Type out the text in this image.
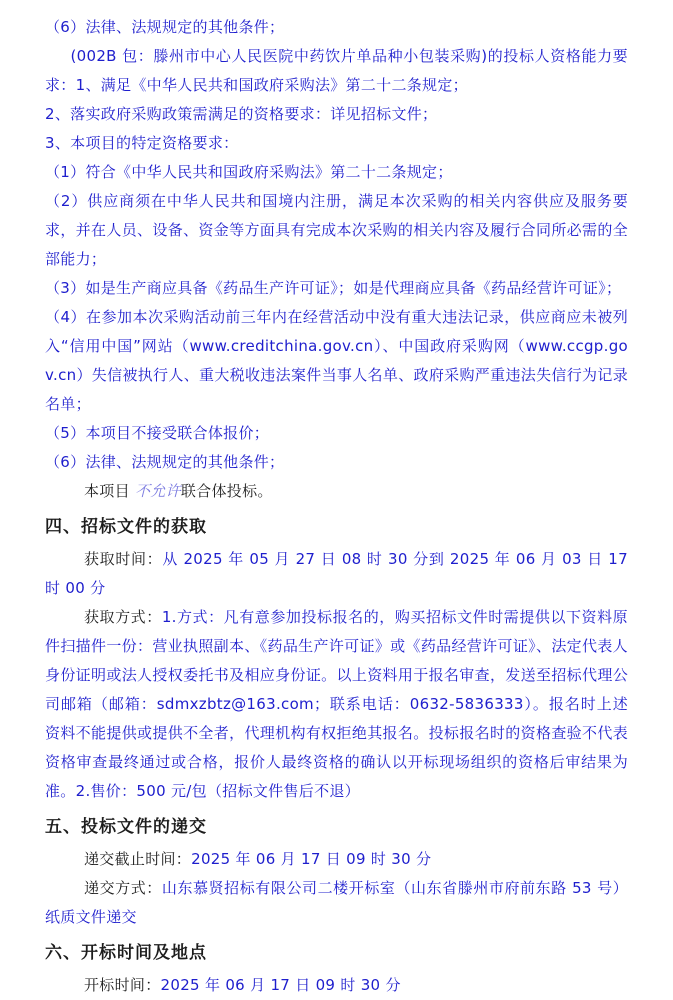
（6）法律、法规规定的其他条件；

(002B 包：滕州市中心人民医院中药饮片单品种小包装采购)的投标人资格能力要求：1、满足《中华人民共和国政府采购法》第二十二条规定；

2、落实政府采购政策需满足的资格要求：详见招标文件；

3、本项目的特定资格要求：

（1）符合《中华人民共和国政府采购法》第二十二条规定；

（2）供应商须在中华人民共和国境内注册，满足本次采购的相关内容供应及服务要求，并在人员、设备、资金等方面具有完成本次采购的相关内容及履行合同所必需的全部能力；

（3）如是生产商应具备《药品生产许可证》；如是代理商应具备《药品经营许可证》；

（4）在参加本次采购活动前三年内在经营活动中没有重大违法记录，供应商应未被列入“信用中国”网站（www.creditchina.gov.cn）、中国政府采购网（www.ccgp.gov.cn）失信被执行人、重大税收违法案件当事人名单、政府采购严重违法失信行为记录名单；

（5）本项目不接受联合体报价；

（6）法律、法规规定的其他条件；

本项目 不允许联合体投标。

四、招标文件的获取

获取时间：从 2025 年 05 月 27 日 08 时 30 分到 2025 年 06 月 03 日 17 时 00 分

获取方式：1.方式：凡有意参加投标报名的，购买招标文件时需提供以下资料原件扫描件一份：营业执照副本、《药品生产许可证》或《药品经营许可证》、法定代表人身份证明或法人授权委托书及相应身份证。以上资料用于报名审查，发送至招标代理公司邮箱（邮箱：sdmxzbtz@163.com；联系电话：0632-5836333）。报名时上述资料不能提供或提供不全者，代理机构有权拒绝其报名。投标报名时的资格查验不代表资格审查最终通过或合格，报价人最终资格的确认以开标现场组织的资格后审结果为准。2.售价：500 元/包（招标文件售后不退）

五、投标文件的递交

递交截止时间：2025 年 06 月 17 日 09 时 30 分

递交方式：山东慕贤招标有限公司二楼开标室（山东省滕州市府前东路 53 号）纸质文件递交

六、开标时间及地点

开标时间：2025 年 06 月 17 日 09 时 30 分
